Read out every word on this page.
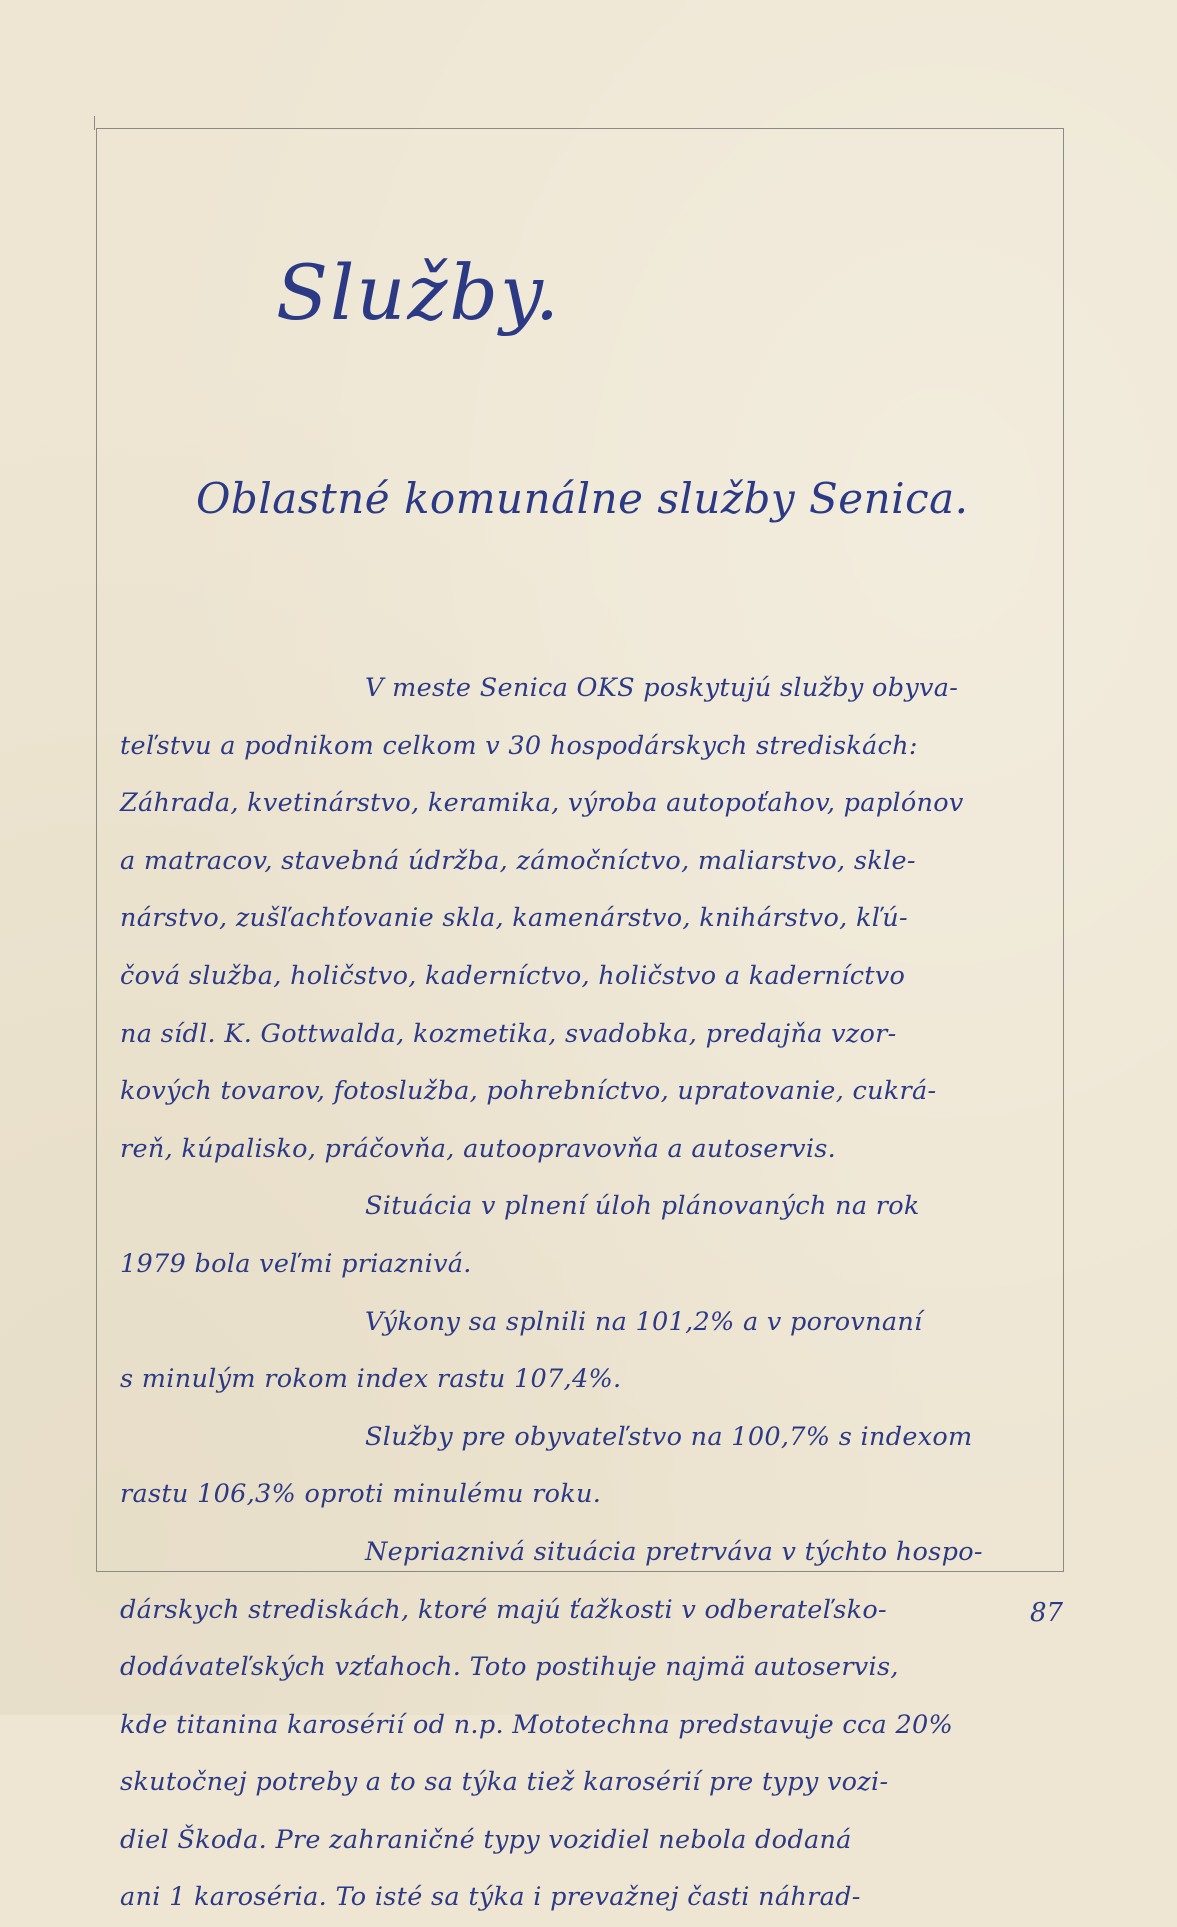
Služby.
Oblastné komunálne služby Senica.
V meste Senica OKS poskytujú služby obyva-
teľstvu a podnikom celkom v 30 hospodárskych strediskách:
Záhrada, kvetinárstvo, keramika, výroba autopoťahov, paplónov
a matracov, stavebná údržba, zámočníctvo, maliarstvo, skle-
nárstvo, zušľachťovanie skla, kamenárstvo, knihárstvo, kľú-
čová služba, holičstvo, kaderníctvo, holičstvo a kaderníctvo
na sídl. K. Gottwalda, kozmetika, svadobka, predajňa vzor-
kových tovarov, fotoslužba, pohrebníctvo, upratovanie, cukrá-
reň, kúpalisko, práčovňa, autoopravovňa a autoservis.
Situácia v plnení úloh plánovaných na rok
1979 bola veľmi priaznivá.
Výkony sa splnili na 101,2% a v porovnaní
s minulým rokom index rastu 107,4%.
Služby pre obyvateľstvo na 100,7% s indexom
rastu 106,3% oproti minulému roku.
Nepriaznivá situácia pretrváva v týchto hospo-
dárskych strediskách, ktoré majú ťažkosti v odberateľsko-
dodávateľských vzťahoch. Toto postihuje najmä autoservis,
kde titanina karosérií od n.p. Mototechna predstavuje cca 20%
skutočnej potreby a to sa týka tiež karosérií pre typy vozi-
diel Škoda. Pre zahraničné typy vozidiel nebola dodaná
ani 1 karoséria. To isté sa týka i prevažnej časti náhrad-
87
